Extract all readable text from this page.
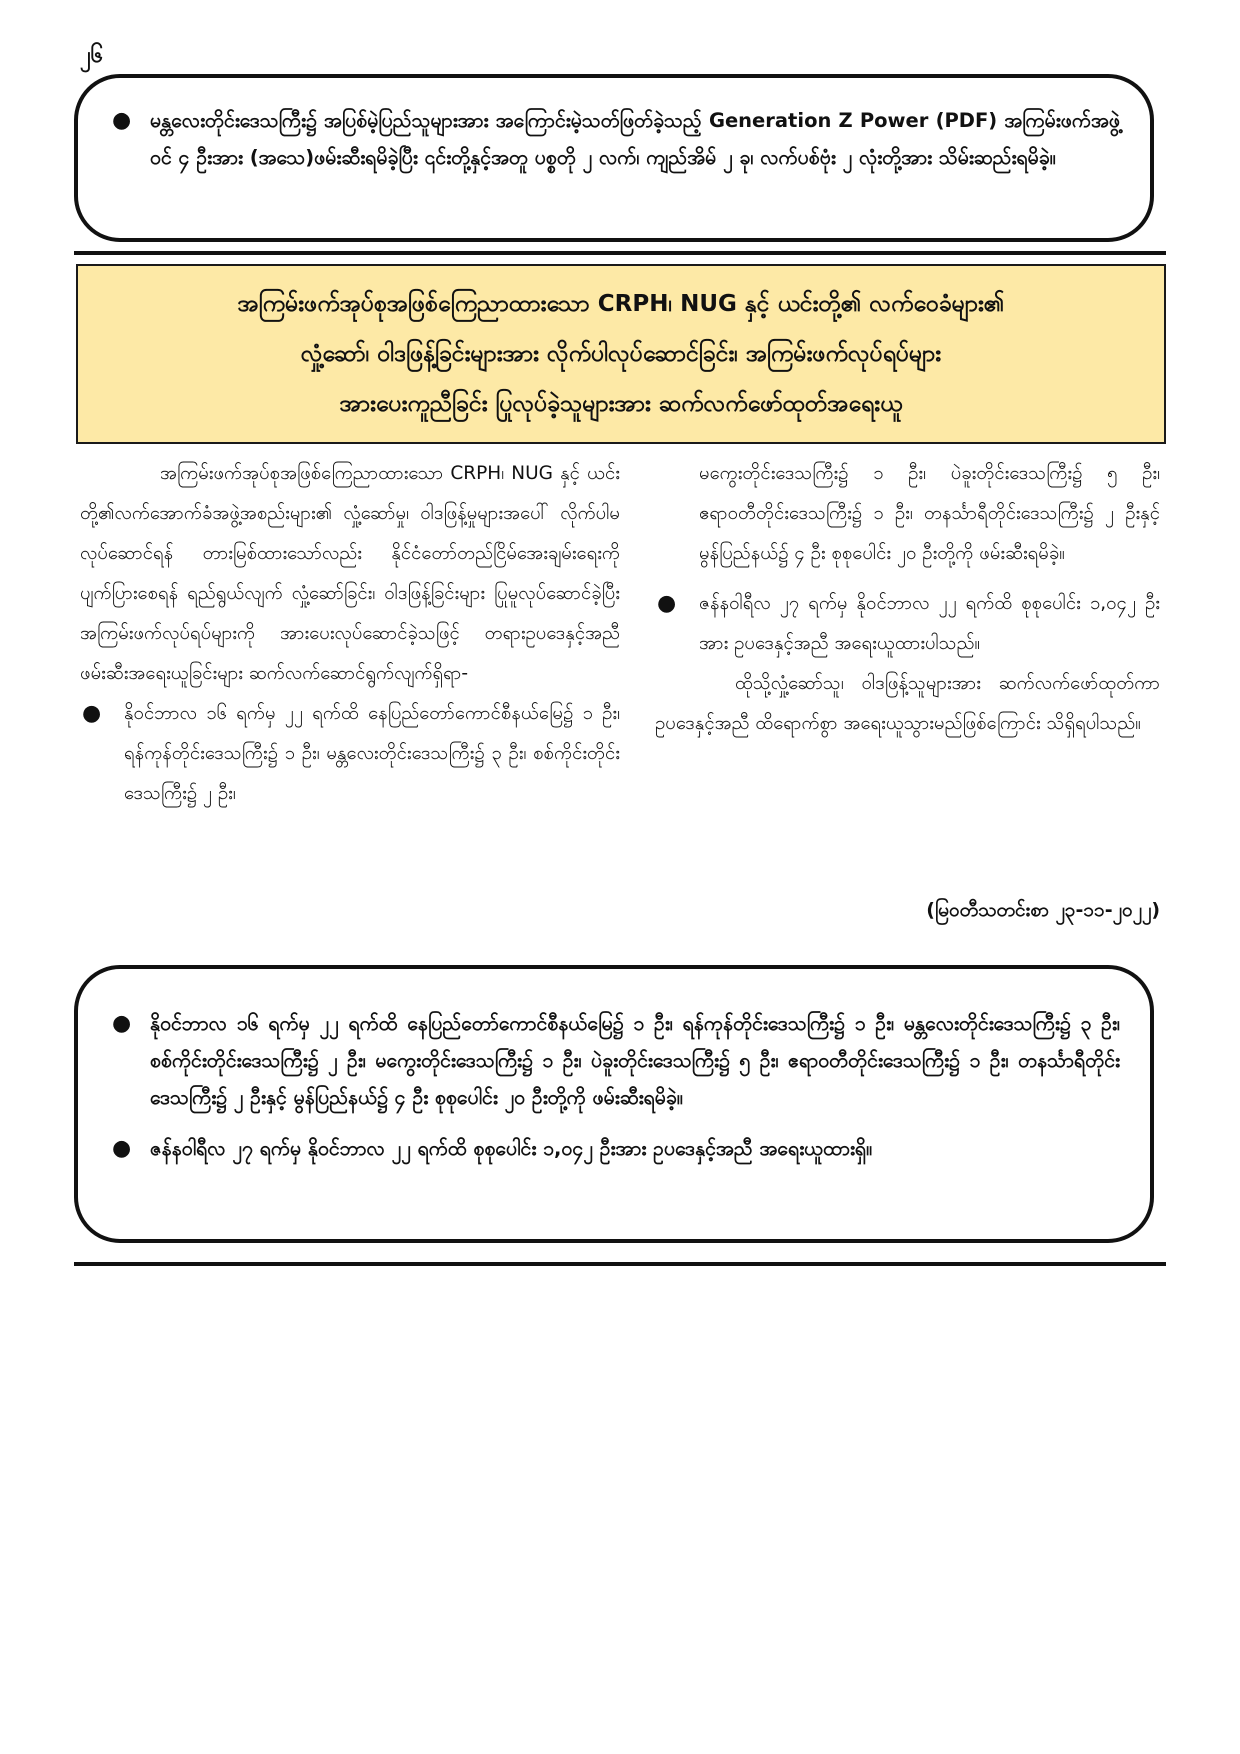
၂၆
● မန္တလေးတိုင်းဒေသကြီး၌ အပြစ်မဲ့ပြည်သူများအား အကြောင်းမဲ့သတ်ဖြတ်ခဲ့သည့် Generation Z Power (PDF) အကြမ်းဖက်အဖွဲ့ဝင် ၄ ဦးအား (အသေ)ဖမ်းဆီးရမိခဲ့ပြီး ၎င်းတို့နှင့်အတူ ပစ္စတို ၂ လက်၊ ကျည်အိမ် ၂ ခု၊ လက်ပစ်ဗုံး ၂ လုံးတို့အား သိမ်းဆည်းရမိခဲ့။
အကြမ်းဖက်အုပ်စုအဖြစ်ကြေညာထားသော CRPH၊ NUG နှင့် ယင်းတို့၏ လက်ဝေခံများ၏
လှုံ့ဆော်၊ ဝါဒဖြန့်ခြင်းများအား လိုက်ပါလုပ်ဆောင်ခြင်း၊ အကြမ်းဖက်လုပ်ရပ်များ
အားပေးကူညီခြင်း ပြုလုပ်ခဲ့သူများအား ဆက်လက်ဖော်ထုတ်အရေးယူ

အကြမ်းဖက်အုပ်စုအဖြစ်ကြေညာထားသော CRPH၊ NUG နှင့် ယင်းတို့၏လက်အောက်ခံအဖွဲ့အစည်းများ၏ လှုံ့ဆော်မှု၊ ဝါဒဖြန့်မှုများအပေါ် လိုက်ပါမလုပ်ဆောင်ရန် တားမြစ်ထားသော်လည်း နိုင်ငံတော်တည်ငြိမ်အေးချမ်းရေးကို ပျက်ပြားစေရန် ရည်ရွယ်လျက် လှုံ့ဆော်ခြင်း၊ ဝါဒဖြန့်ခြင်းများ ပြုမူလုပ်ဆောင်ခဲ့ပြီး အကြမ်းဖက်လုပ်ရပ်များကို အားပေးလုပ်ဆောင်ခဲ့သဖြင့် တရားဥပဒေနှင့်အညီ ဖမ်းဆီးအရေးယူခြင်းများ ဆက်လက်ဆောင်ရွက်လျက်ရှိရာ-

● နိုဝင်ဘာလ ၁၆ ရက်မှ ၂၂ ရက်ထိ နေပြည်တော်ကောင်စီနယ်မြေ၌ ၁ ဦး၊ ရန်ကုန်တိုင်းဒေသကြီး၌ ၁ ဦး၊ မန္တလေးတိုင်းဒေသကြီး၌ ၃ ဦး၊ စစ်ကိုင်းတိုင်းဒေသကြီး၌ ၂ ဦး၊

မကွေးတိုင်းဒေသကြီး၌ ၁ ဦး၊ ပဲခူးတိုင်းဒေသကြီး၌ ၅ ဦး၊ ဧရာဝတီတိုင်းဒေသကြီး၌ ၁ ဦး၊ တနင်္သာရီတိုင်းဒေသကြီး၌ ၂ ဦးနှင့် မွန်ပြည်နယ်၌ ၄ ဦး စုစုပေါင်း ၂၀ ဦးတို့ကို ဖမ်းဆီးရမိခဲ့။

● ဇန်နဝါရီလ ၂၇ ရက်မှ နိုဝင်ဘာလ ၂၂ ရက်ထိ စုစုပေါင်း ၁,၀၄၂ ဦးအား ဥပဒေနှင့်အညီ အရေးယူထားပါသည်။

ထိုသို့လှုံ့ဆော်သူ၊ ဝါဒဖြန့်သူများအား ဆက်လက်ဖော်ထုတ်ကာ ဥပဒေနှင့်အညီ ထိရောက်စွာ အရေးယူသွားမည်ဖြစ်ကြောင်း သိရှိရပါသည်။

(မြဝတီသတင်းစာ ၂၃-၁၁-၂၀၂၂)
● နိုဝင်ဘာလ ၁၆ ရက်မှ ၂၂ ရက်ထိ နေပြည်တော်ကောင်စီနယ်မြေ၌ ၁ ဦး၊ ရန်ကုန်တိုင်းဒေသကြီး၌ ၁ ဦး၊ မန္တလေးတိုင်းဒေသကြီး၌ ၃ ဦး၊ စစ်ကိုင်းတိုင်းဒေသကြီး၌ ၂ ဦး၊ မကွေးတိုင်းဒေသကြီး၌ ၁ ဦး၊ ပဲခူးတိုင်းဒေသကြီး၌ ၅ ဦး၊ ဧရာဝတီတိုင်းဒေသကြီး၌ ၁ ဦး၊ တနင်္သာရီတိုင်းဒေသကြီး၌ ၂ ဦးနှင့် မွန်ပြည်နယ်၌ ၄ ဦး စုစုပေါင်း ၂၀ ဦးတို့ကို ဖမ်းဆီးရမိခဲ့။
● ဇန်နဝါရီလ ၂၇ ရက်မှ နိုဝင်ဘာလ ၂၂ ရက်ထိ စုစုပေါင်း ၁,၀၄၂ ဦးအား ဥပဒေနှင့်အညီ အရေးယူထားရှိ။
